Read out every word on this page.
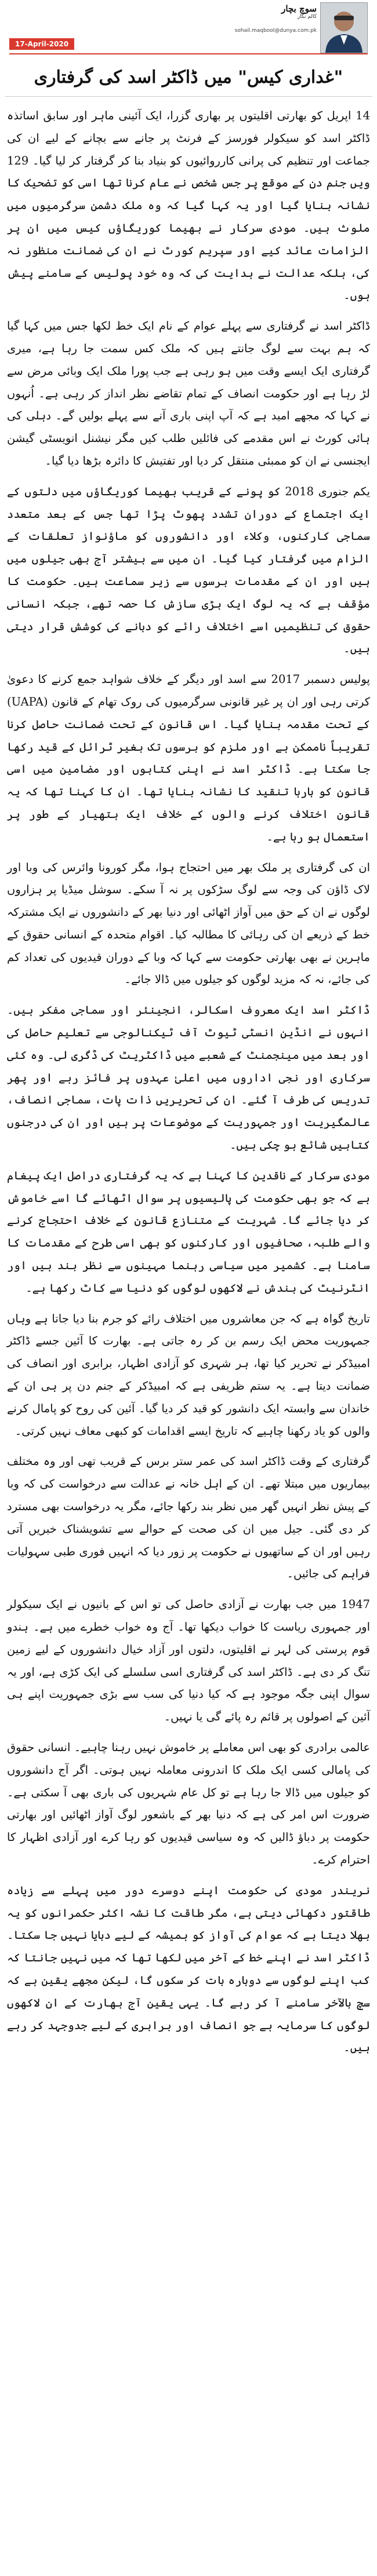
17-April-2020
سوچ بچار
کالم نگار
sohail.maqbool@dunya.com.pk
"غداری کیس" میں ڈاکٹر اسد کی گرفتاری

14 اپریل کو بھارتی اقلیتوں پر بھاری گزرا، ایک آئینی ماہر اور سابق اساتذہ ڈاکٹر اسد کو سیکولر فورسز کے فرنٹ پر جانے سے بچانے کے لیے ان کی جماعت اور تنظیم کی پرانی کارروائیوں کو بنیاد بنا کر گرفتار کر لیا گیا۔ 129 ویں جنم دن کے موقع پر جس شخص نے عام کرنا تھا اسی کو تضحیک کا نشانہ بنایا گیا اور یہ کہا گیا کہ وہ ملک دشمن سرگرمیوں میں ملوث ہیں۔ مودی سرکار نے بھیما کوریگاؤں کیس میں ان پر الزامات عائد کیے اور سپریم کورٹ نے ان کی ضمانت منظور نہ کی، بلکہ عدالت نے ہدایت کی کہ وہ خود پولیس کے سامنے پیش ہوں۔

ڈاکٹر اسد نے گرفتاری سے پہلے عوام کے نام ایک خط لکھا جس میں کہا گیا کہ ہم بہت سے لوگ جانتے ہیں کہ ملک کس سمت جا رہا ہے، میری گرفتاری ایک ایسے وقت میں ہو رہی ہے جب پورا ملک ایک وبائی مرض سے لڑ رہا ہے اور حکومت انصاف کے تمام تقاضے نظر انداز کر رہی ہے۔ اُنہوں نے کہا کہ مجھے امید ہے کہ آپ اپنی باری آنے سے پہلے بولیں گے۔ دہلی کی ہائی کورٹ نے اس مقدمے کی فائلیں طلب کیں مگر نیشنل انویسٹی گیشن ایجنسی نے ان کو ممبئی منتقل کر دیا اور تفتیش کا دائرہ بڑھا دیا گیا۔

یکم جنوری 2018 کو پونے کے قریب بھیما کوریگاؤں میں دلتوں کے ایک اجتماع کے دوران تشدد پھوٹ پڑا تھا جس کے بعد متعدد سماجی کارکنوں، وکلاء اور دانشوروں کو ماؤنواز تعلقات کے الزام میں گرفتار کیا گیا۔ ان میں سے بیشتر آج بھی جیلوں میں ہیں اور ان کے مقدمات برسوں سے زیر سماعت ہیں۔ حکومت کا مؤقف ہے کہ یہ لوگ ایک بڑی سازش کا حصہ تھے، جبکہ انسانی حقوق کی تنظیمیں اسے اختلاف رائے کو دبانے کی کوشش قرار دیتی ہیں۔

پولیس دسمبر 2017 سے اسد اور دیگر کے خلاف شواہد جمع کرنے کا دعویٰ کرتی رہی اور ان پر غیر قانونی سرگرمیوں کی روک تھام کے قانون (UAPA) کے تحت مقدمہ بنایا گیا۔ اس قانون کے تحت ضمانت حاصل کرنا تقریباً ناممکن ہے اور ملزم کو برسوں تک بغیر ٹرائل کے قید رکھا جا سکتا ہے۔ ڈاکٹر اسد نے اپنی کتابوں اور مضامین میں اسی قانون کو بارہا تنقید کا نشانہ بنایا تھا۔ ان کا کہنا تھا کہ یہ قانون اختلاف کرنے والوں کے خلاف ایک ہتھیار کے طور پر استعمال ہو رہا ہے۔

ان کی گرفتاری پر ملک بھر میں احتجاج ہوا، مگر کورونا وائرس کی وبا اور لاک ڈاؤن کی وجہ سے لوگ سڑکوں پر نہ آ سکے۔ سوشل میڈیا پر ہزاروں لوگوں نے ان کے حق میں آواز اٹھائی اور دنیا بھر کے دانشوروں نے ایک مشترکہ خط کے ذریعے ان کی رہائی کا مطالبہ کیا۔ اقوام متحدہ کے انسانی حقوق کے ماہرین نے بھی بھارتی حکومت سے کہا کہ وبا کے دوران قیدیوں کی تعداد کم کی جائے، نہ کہ مزید لوگوں کو جیلوں میں ڈالا جائے۔

ڈاکٹر اسد ایک معروف اسکالر، انجینئر اور سماجی مفکر ہیں۔ انہوں نے انڈین انسٹی ٹیوٹ آف ٹیکنالوجی سے تعلیم حاصل کی اور بعد میں مینجمنٹ کے شعبے میں ڈاکٹریٹ کی ڈگری لی۔ وہ کئی سرکاری اور نجی اداروں میں اعلیٰ عہدوں پر فائز رہے اور پھر تدریس کی طرف آ گئے۔ ان کی تحریریں ذات پات، سماجی انصاف، عالمگیریت اور جمہوریت کے موضوعات پر ہیں اور ان کی درجنوں کتابیں شائع ہو چکی ہیں۔

مودی سرکار کے ناقدین کا کہنا ہے کہ یہ گرفتاری دراصل ایک پیغام ہے کہ جو بھی حکومت کی پالیسیوں پر سوال اٹھائے گا اسے خاموش کر دیا جائے گا۔ شہریت کے متنازع قانون کے خلاف احتجاج کرنے والے طلبہ، صحافیوں اور کارکنوں کو بھی اسی طرح کے مقدمات کا سامنا ہے۔ کشمیر میں سیاسی رہنما مہینوں سے نظر بند ہیں اور انٹرنیٹ کی بندش نے لاکھوں لوگوں کو دنیا سے کاٹ رکھا ہے۔

تاریخ گواہ ہے کہ جن معاشروں میں اختلاف رائے کو جرم بنا دیا جاتا ہے وہاں جمہوریت محض ایک رسم بن کر رہ جاتی ہے۔ بھارت کا آئین جسے ڈاکٹر امبیڈکر نے تحریر کیا تھا، ہر شہری کو آزادی اظہار، برابری اور انصاف کی ضمانت دیتا ہے۔ یہ ستم ظریفی ہے کہ امبیڈکر کے جنم دن پر ہی ان کے خاندان سے وابستہ ایک دانشور کو قید کر دیا گیا۔ آئین کی روح کو پامال کرنے والوں کو یاد رکھنا چاہیے کہ تاریخ ایسے اقدامات کو کبھی معاف نہیں کرتی۔

گرفتاری کے وقت ڈاکٹر اسد کی عمر ستر برس کے قریب تھی اور وہ مختلف بیماریوں میں مبتلا تھے۔ ان کے اہل خانہ نے عدالت سے درخواست کی کہ وبا کے پیش نظر انہیں گھر میں نظر بند رکھا جائے، مگر یہ درخواست بھی مسترد کر دی گئی۔ جیل میں ان کی صحت کے حوالے سے تشویشناک خبریں آتی رہیں اور ان کے ساتھیوں نے حکومت پر زور دیا کہ انہیں فوری طبی سہولیات فراہم کی جائیں۔

1947 میں جب بھارت نے آزادی حاصل کی تو اس کے بانیوں نے ایک سیکولر اور جمہوری ریاست کا خواب دیکھا تھا۔ آج وہ خواب خطرے میں ہے۔ ہندو قوم پرستی کی لہر نے اقلیتوں، دلتوں اور آزاد خیال دانشوروں کے لیے زمین تنگ کر دی ہے۔ ڈاکٹر اسد کی گرفتاری اسی سلسلے کی ایک کڑی ہے، اور یہ سوال اپنی جگہ موجود ہے کہ کیا دنیا کی سب سے بڑی جمہوریت اپنے ہی آئین کے اصولوں پر قائم رہ پائے گی یا نہیں۔

عالمی برادری کو بھی اس معاملے پر خاموش نہیں رہنا چاہیے۔ انسانی حقوق کی پامالی کسی ایک ملک کا اندرونی معاملہ نہیں ہوتی۔ اگر آج دانشوروں کو جیلوں میں ڈالا جا رہا ہے تو کل عام شہریوں کی باری بھی آ سکتی ہے۔ ضرورت اس امر کی ہے کہ دنیا بھر کے باشعور لوگ آواز اٹھائیں اور بھارتی حکومت پر دباؤ ڈالیں کہ وہ سیاسی قیدیوں کو رہا کرے اور آزادی اظہار کا احترام کرے۔

نریندر مودی کی حکومت اپنے دوسرے دور میں پہلے سے زیادہ طاقتور دکھائی دیتی ہے، مگر طاقت کا نشہ اکثر حکمرانوں کو یہ بھلا دیتا ہے کہ عوام کی آواز کو ہمیشہ کے لیے دبایا نہیں جا سکتا۔ ڈاکٹر اسد نے اپنے خط کے آخر میں لکھا تھا کہ میں نہیں جانتا کہ کب اپنے لوگوں سے دوبارہ بات کر سکوں گا، لیکن مجھے یقین ہے کہ سچ بالآخر سامنے آ کر رہے گا۔ یہی یقین آج بھارت کے ان لاکھوں لوگوں کا سرمایہ ہے جو انصاف اور برابری کے لیے جدوجہد کر رہے ہیں۔
